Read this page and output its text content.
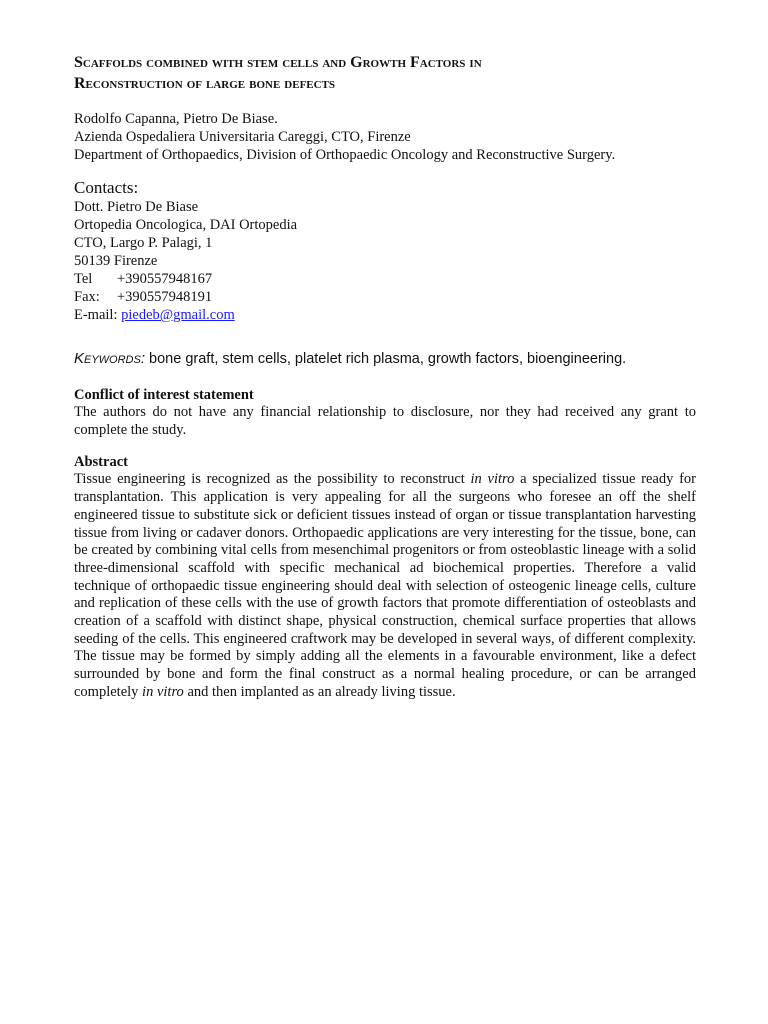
Scaffolds combined with stem cells and Growth Factors in
Reconstruction of large bone defects
Rodolfo Capanna, Pietro De Biase.
Azienda Ospedaliera Universitaria Careggi, CTO, Firenze
Department of Orthopaedics, Division of Orthopaedic Oncology and Reconstructive Surgery.
Contacts:
Dott. Pietro De Biase
Ortopedia Oncologica, DAI Ortopedia
CTO, Largo P. Palagi, 1
50139 Firenze
Tel +390557948167
Fax: +390557948191
E-mail: piedeb@gmail.com
Keywords: bone graft, stem cells, platelet rich plasma, growth factors, bioengineering.
Conflict of interest statement
The authors do not have any financial relationship to disclosure, nor they had received any grant to complete the study.
Abstract
Tissue engineering is recognized as the possibility to reconstruct in vitro a specialized tissue ready for transplantation. This application is very appealing for all the surgeons who foresee an off the shelf engineered tissue to substitute sick or deficient tissues instead of organ or tissue transplantation harvesting tissue from living or cadaver donors. Orthopaedic applications are very interesting for the tissue, bone, can be created by combining vital cells from mesenchimal progenitors or from osteoblastic lineage with a solid three-dimensional scaffold with specific mechanical ad biochemical properties. Therefore a valid technique of orthopaedic tissue engineering should deal with selection of osteogenic lineage cells, culture and replication of these cells with the use of growth factors that promote differentiation of osteoblasts and creation of a scaffold with distinct shape, physical construction, chemical surface properties that allows seeding of the cells. This engineered craftwork may be developed in several ways, of different complexity. The tissue may be formed by simply adding all the elements in a favourable environment, like a defect surrounded by bone and form the final construct as a normal healing procedure, or can be arranged completely in vitro and then implanted as an already living tissue.
